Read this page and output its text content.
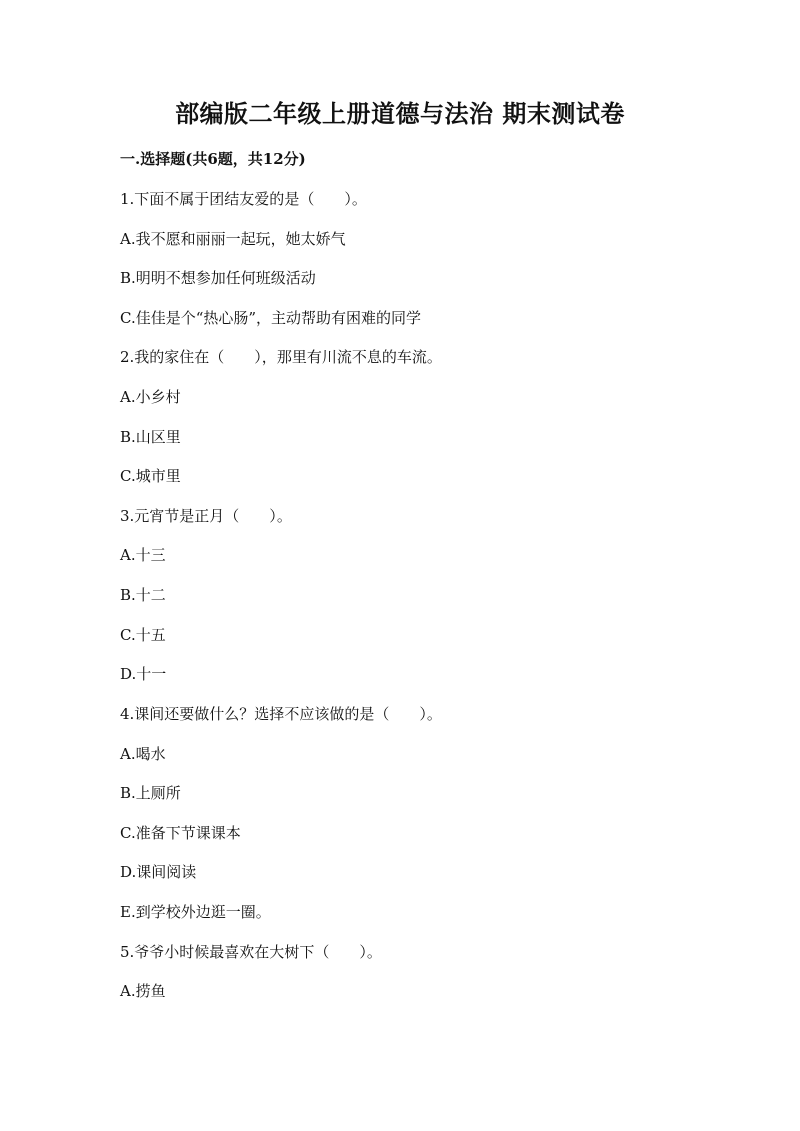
部编版二年级上册道德与法治 期末测试卷
一.选择题(共6题，共12分)
1.下面不属于团结友爱的是（　　）。
A.我不愿和丽丽一起玩，她太娇气
B.明明不想参加任何班级活动
C.佳佳是个“热心肠”，主动帮助有困难的同学
2.我的家住在（　　），那里有川流不息的车流。
A.小乡村
B.山区里
C.城市里
3.元宵节是正月（　　）。
A.十三
B.十二
C.十五
D.十一
4.课间还要做什么？选择不应该做的是（　　）。
A.喝水
B.上厕所
C.准备下节课课本
D.课间阅读
E.到学校外边逛一圈。
5.爷爷小时候最喜欢在大树下（　　）。
A.捞鱼
